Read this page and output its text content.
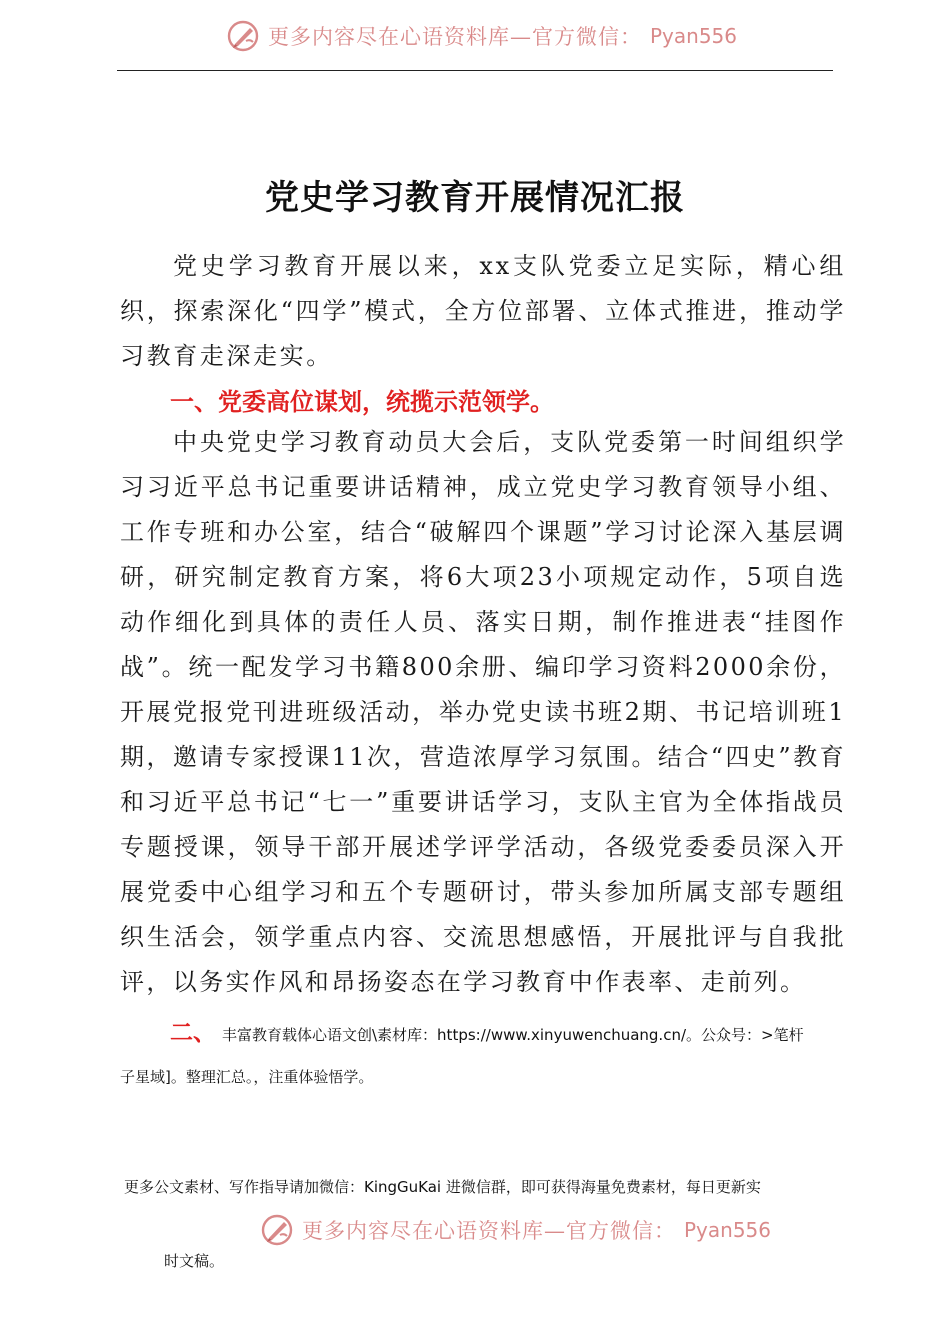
更多内容尽在心语资料库—官方微信： Pyan556
党史学习教育开展情况汇报

党史学习教育开展以来，xx支队党委立足实际，精心组织，探索深化“四学”模式，全方位部署、立体式推进，推动学习教育走深走实。

一、党委高位谋划，统揽示范领学。

中央党史学习教育动员大会后，支队党委第一时间组织学习习近平总书记重要讲话精神，成立党史学习教育领导小组、工作专班和办公室，结合“破解四个课题”学习讨论深入基层调研，研究制定教育方案，将6大项23小项规定动作，5项自选动作细化到具体的责任人员、落实日期，制作推进表“挂图作战”。统一配发学习书籍800余册、编印学习资料2000余份，开展党报党刊进班级活动，举办党史读书班2期、书记培训班1期，邀请专家授课11次，营造浓厚学习氛围。结合“四史”教育和习近平总书记“七一”重要讲话学习，支队主官为全体指战员专题授课，领导干部开展述学评学活动，各级党委委员深入开展党委中心组学习和五个专题研讨，带头参加所属支部专题组织生活会，领学重点内容、交流思想感悟，开展批评与自我批评，以务实作风和昂扬姿态在学习教育中作表率、走前列。

二、 丰富教育载体心语文创\素材库：https://www.xinyuwenchuang.cn/。公众号：>笔杆
子星域]。整理汇总。，注重体验悟学。
更多公文素材、写作指导请加微信：KingGuKai 进微信群，即可获得海量免费素材，每日更新实
更多内容尽在心语资料库—官方微信： Pyan556
时文稿。
